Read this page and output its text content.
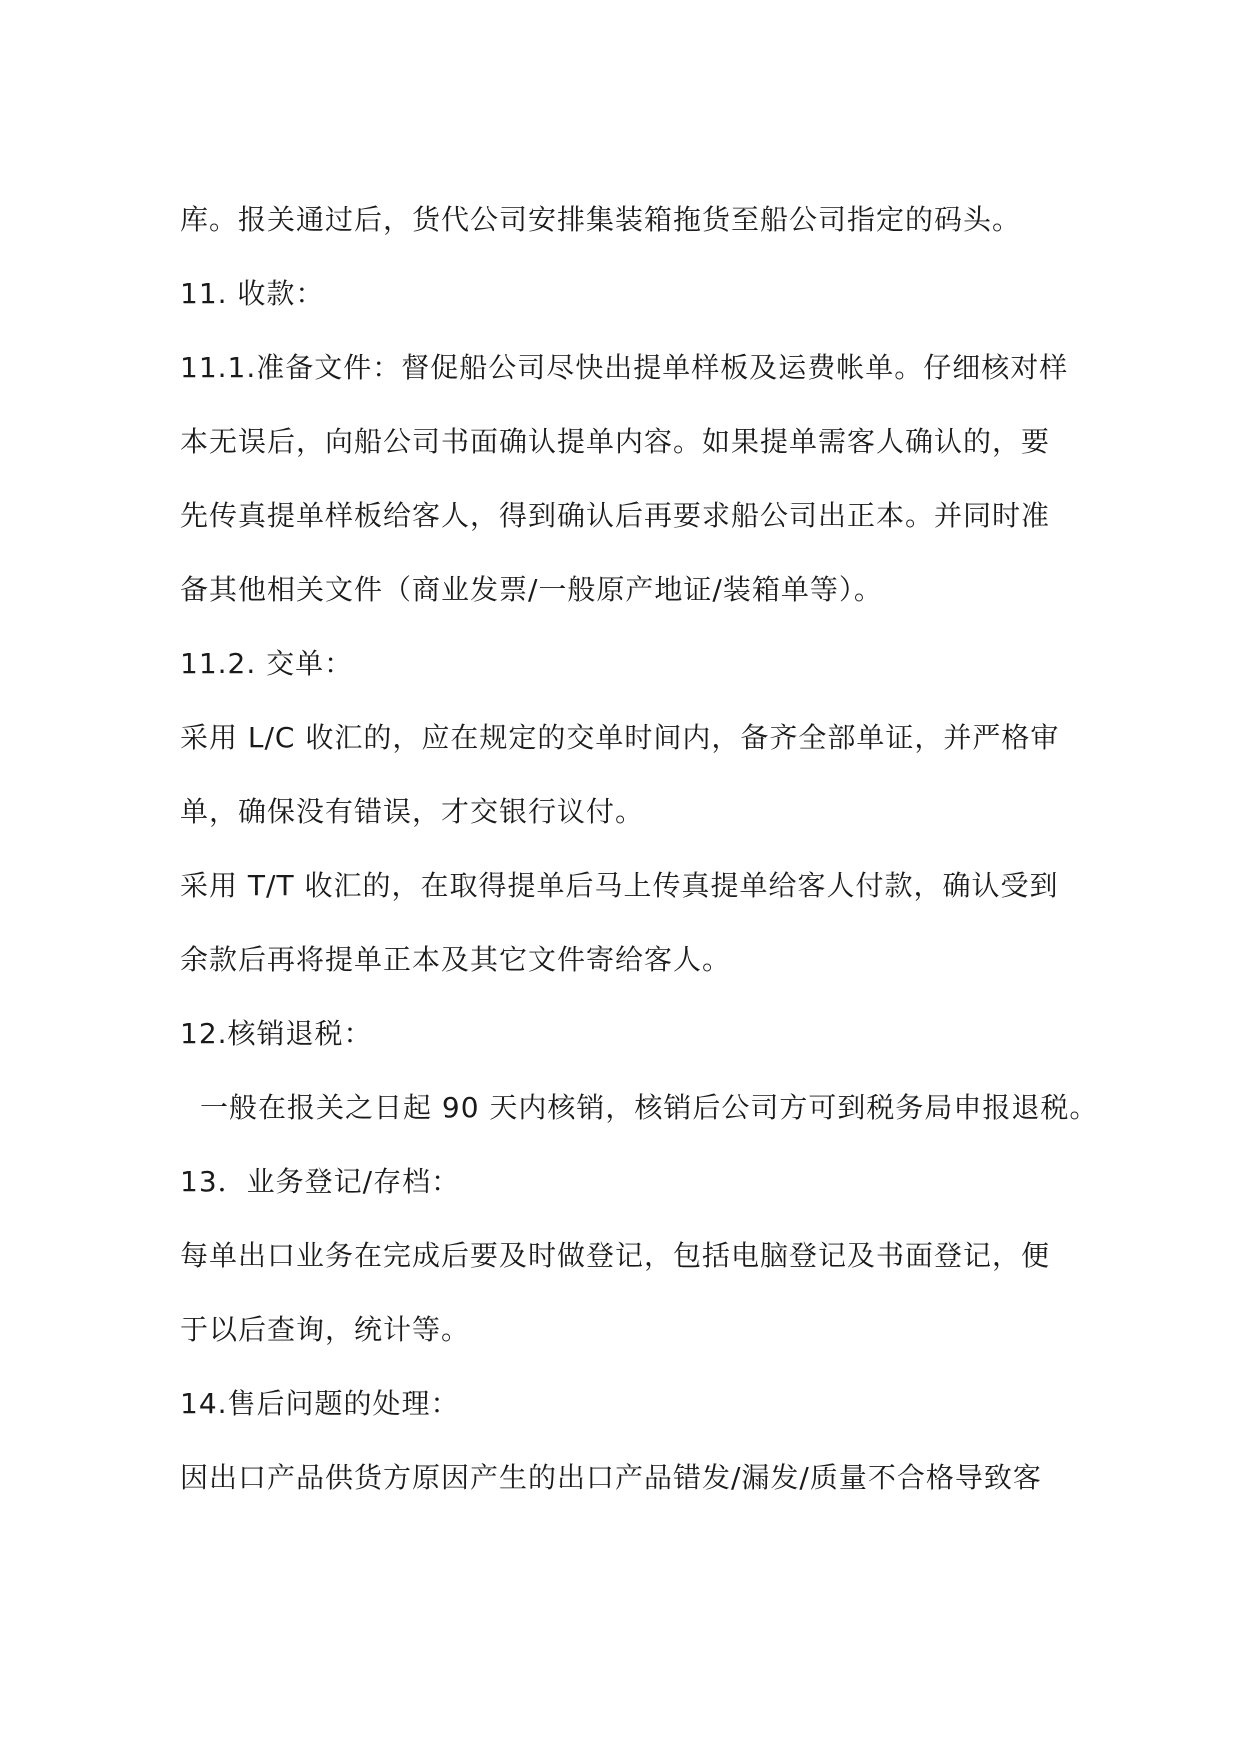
库。报关通过后，货代公司安排集装箱拖货至船公司指定的码头。
11. 收款：
11.1.准备文件：督促船公司尽快出提单样板及运费帐单。仔细核对样
本无误后，向船公司书面确认提单内容。如果提单需客人确认的，要
先传真提单样板给客人，得到确认后再要求船公司出正本。并同时准
备其他相关文件（商业发票/一般原产地证/装箱单等）。
11.2. 交单：
采用 L/C 收汇的，应在规定的交单时间内，备齐全部单证，并严格审
单，确保没有错误，才交银行议付。
采用 T/T 收汇的，在取得提单后马上传真提单给客人付款，确认受到
余款后再将提单正本及其它文件寄给客人。
12.核销退税：
一般在报关之日起 90 天内核销，核销后公司方可到税务局申报退税。
13．业务登记/存档：
每单出口业务在完成后要及时做登记，包括电脑登记及书面登记，便
于以后查询，统计等。
14.售后问题的处理：
因出口产品供货方原因产生的出口产品错发/漏发/质量不合格导致客
